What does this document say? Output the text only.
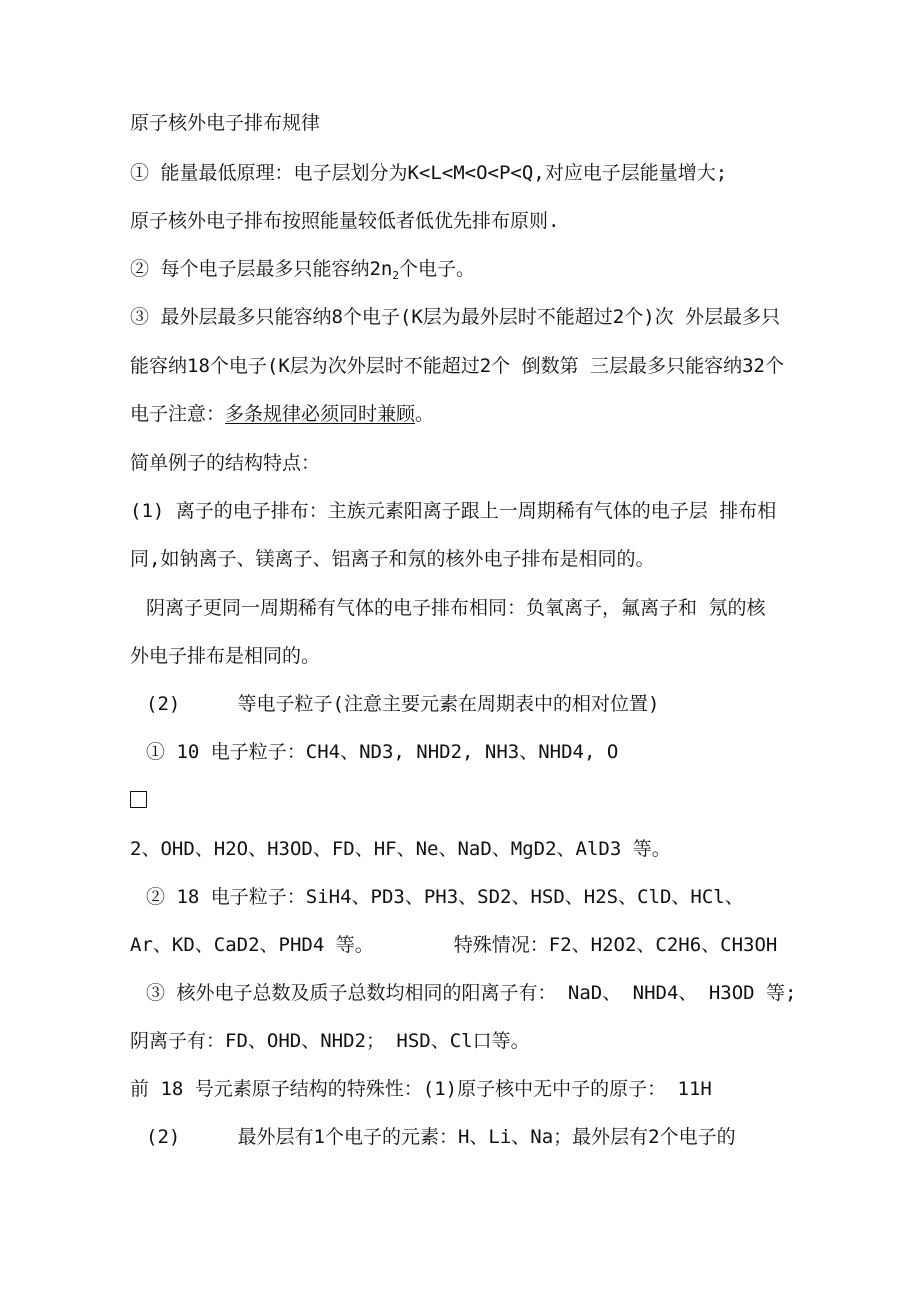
原子核外电子排布规律
① 能量最低原理：电子层划分为K<L<M<O<P<Q,对应电子层能量增大;
原子核外电子排布按照能量较低者低优先排布原则.
② 每个电子层最多只能容纳$2n_2$个电子。
③ 最外层最多只能容纳8个电子(K层为最外层时不能超过2个)次 外层最多只
能容纳18个电子(K层为次外层时不能超过2个 倒数第 三层最多只能容纳32个
电子注意：多条规律必须同时兼顾。
简单例子的结构特点：
(1) 离子的电子排布：主族元素阳离子跟上一周期稀有气体的电子层 排布相
同,如钠离子、镁离子、铝离子和氖的核外电子排布是相同的。
阴离子更同一周期稀有气体的电子排布相同：负氧离子，氟离子和 氖的核
外电子排布是相同的。
(2)     等电子粒子(注意主要元素在周期表中的相对位置)
① 10 电子粒子：CH4、ND3, NHD2, NH3、NHD4, O
2、OHD、H2O、H3OD、FD、HF、Ne、NaD、MgD2、AlD3 等。
② 18 电子粒子：SiH4、PD3、PH3、SD2、HSD、H2S、ClD、HCl、
Ar、KD、CaD2、PHD4 等。       特殊情况：F2、H2O2、C2H6、CH3OH
③ 核外电子总数及质子总数均相同的阳离子有： NaD、 NHD4、 H3OD 等;
阴离子有：FD、OHD、NHD2； HSD、Cl口等。
前 18 号元素原子结构的特殊性：(1)原子核中无中子的原子： 11H
(2)     最外层有1个电子的元素：H、Li、Na；最外层有2个电子的
